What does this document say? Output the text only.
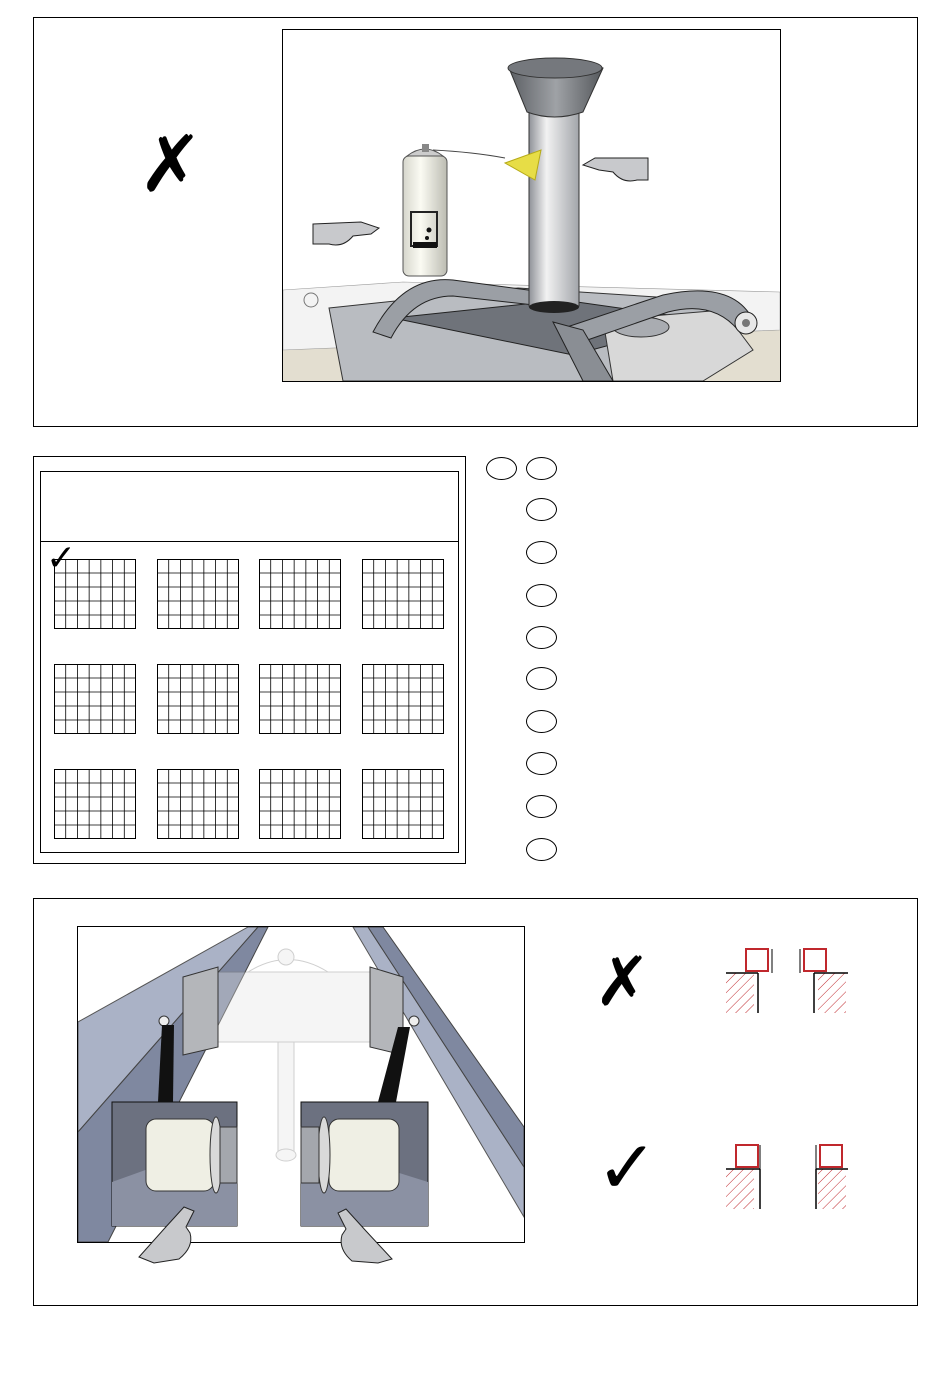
✗
✓
✗
✓
